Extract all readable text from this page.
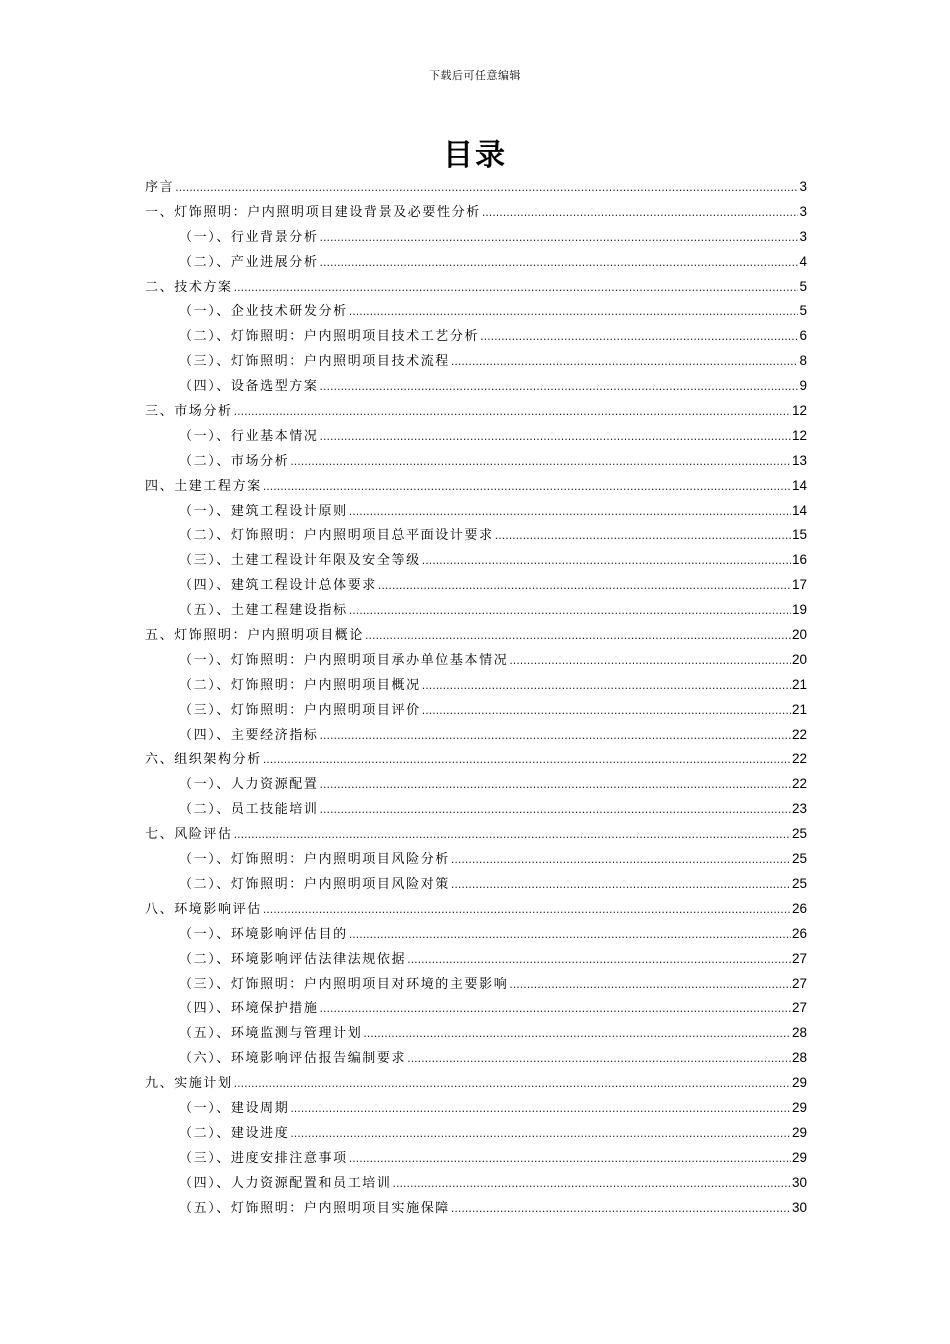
下载后可任意编辑
目录
序言 .....	3
一、灯饰照明：户内照明项目建设背景及必要性分析 .....	3
（一）、行业背景分析 .....	3
（二）、产业进展分析 .....	4
二、技术方案 .....	5
（一）、企业技术研发分析 .....	5
（二）、灯饰照明：户内照明项目技术工艺分析 .....	6
（三）、灯饰照明：户内照明项目技术流程 .....	8
（四）、设备选型方案 .....	9
三、市场分析 .....	12
（一）、行业基本情况 .....	12
（二）、市场分析 .....	13
四、土建工程方案 .....	14
（一）、建筑工程设计原则 .....	14
（二）、灯饰照明：户内照明项目总平面设计要求 .....	15
（三）、土建工程设计年限及安全等级 .....	16
（四）、建筑工程设计总体要求 .....	17
（五）、土建工程建设指标 .....	19
五、灯饰照明：户内照明项目概论 .....	20
（一）、灯饰照明：户内照明项目承办单位基本情况 .....	20
（二）、灯饰照明：户内照明项目概况 .....	21
（三）、灯饰照明：户内照明项目评价 .....	21
（四）、主要经济指标 .....	22
六、组织架构分析 .....	22
（一）、人力资源配置 .....	22
（二）、员工技能培训 .....	23
七、风险评估 .....	25
（一）、灯饰照明：户内照明项目风险分析 .....	25
（二）、灯饰照明：户内照明项目风险对策 .....	25
八、环境影响评估 .....	26
（一）、环境影响评估目的 .....	26
（二）、环境影响评估法律法规依据 .....	27
（三）、灯饰照明：户内照明项目对环境的主要影响 .....	27
（四）、环境保护措施 .....	27
（五）、环境监测与管理计划 .....	28
（六）、环境影响评估报告编制要求 .....	28
九、实施计划 .....	29
（一）、建设周期 .....	29
（二）、建设进度 .....	29
（三）、进度安排注意事项 .....	29
（四）、人力资源配置和员工培训 .....	30
（五）、灯饰照明：户内照明项目实施保障 .....	30
